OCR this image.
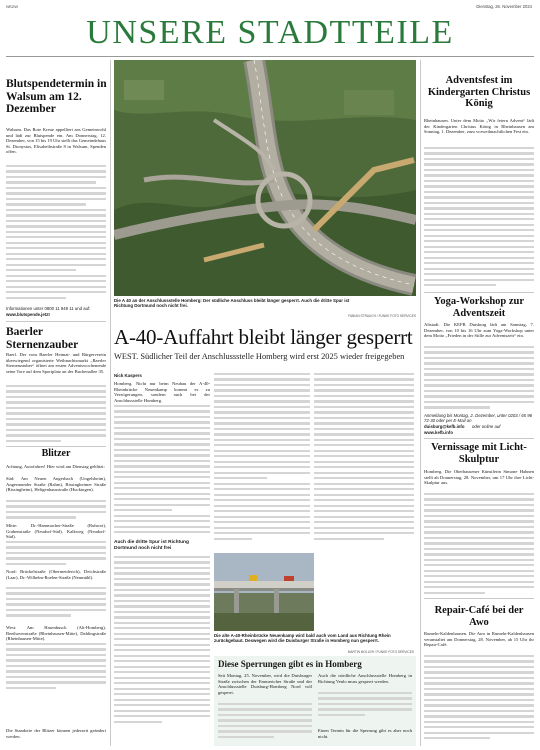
NRZW	Dienstag, 26. November 2024
UNSERE STADTTEILE
Blutspendetermin in Walsum am 12. Dezember
Walsum. Das Rote Kreuz appelliert ans Gemeinwohl und lädt zur Blutspende ein. Am Donnerstag, 12. Dezember, von 15 bis 19 Uhr stellt das Gemeindehaus St. Dionysius, Elisabethstraße 8 in Walsum, Spenden offen.
Informationen unter 0800 11 949 11 und auf:
www.blutspende.jetzt
Baerler Sternenzauber
Baerl. Der vom Baerler Heimat- und Bürgerverein überwiegend organisierte Weihnachtsmarkt „Baerler Sternenzauber“ öffnet am ersten Adventswochenende seine Tore auf dem Sportplatz an der Buchenallee 35.
Blitzer
Achtung, Autofahrer! Hier wird am Dienstag geblitzt:
Süd: Am Neuen Angerbach (Ungelsheim), Angermunder Straße (Rahm), Bissingheimer Straße (Bissingheim), Heltgenhausstraße (Huckingen).
Mitte: Dr.-Hammacher-Straße (Ruhrort), Grabenstraße (Neudorf-Süd), Kalkweg (Neudorf-Süd).
Nord: Brückelstraße (Obermeiderich), Deichstraße (Laar), Dr.-Wilhelm-Roelen-Straße (Neumühl).
West: Am Hasenbusch (Alt-Homberg), Beethovenstraße (Rheinhausen-Mitte), Dahlingstraße (Rheinhausen-Mitte).
Die Standorte der Blitzer können jederzeit geändert werden.
Die A 40 an der Anschlussstelle Homberg: Der südliche Anschluss bleibt länger gesperrt. Auch die dritte Spur ist Richtung Dortmund noch nicht frei.
FABIAN STRAUCH / FUNKE FOTO SERVICES
A-40-Auffahrt bleibt länger gesperrt
WEST. Südlicher Teil der Anschlussstelle Homberg wird erst 2025 wieder freigegeben
Nick Kaspers
Homberg. Nicht nur beim Neubau der A-40-Rheinbrücke Neuenkamp kommt es zu Verzögerungen, sondern auch bei der Anschlussstelle Homberg.
Auch die dritte Spur ist Richtung Dortmund noch nicht frei
Die alte A-40-Rheinbrücke Neuenkamp wird bald auch vom Land aus Richtung Rhein zurückgebaut. Deswegen wird die Duisburger Straße in Homberg nun gesperrt.
MARTIN MOLLER / FUNKE FOTO SERVICES
Diese Sperrungen gibt es in Homberg
Seit Montag, 25. November, wird die Duisburger Straße zwischen der Emmericher Straße und der Anschlussstelle Duisburg-Homberg Nord voll gesperrt.
Auch die nördliche Anschlussstelle Homberg in Richtung Venlo muss gesperrt werden.
Einen Termin für die Sperrung gibt es aber noch nicht.
Adventsfest im Kindergarten Christus König
Rheinhausen. Unter dem Motto „Wir feiern Advent“ lädt der Kindergarten Christus König in Rheinhausen am Sonntag, 1. Dezember, zum vorweihnachtlichen Fest ein.
Yoga-Workshop zur Adventszeit
Altstadt. Die KEFB Duisburg lädt am Samstag, 7. Dezember, von 10 bis 16 Uhr zum Yoga-Workshop unter dem Motto „Frieden in der Stille zur Adventszeit“ ein.
Anmeldung bis Montag, 2. Dezember, unter 0203 / 65 96 72-30 oder per E-Mail an
duisburg@kefb.info oder online auf
www.kefb.info
Vernissage mit Licht-Skulptur
Homberg. Die Oberhausener Künstlerin Simone Hahnen stellt ab Donnerstag, 28. November, um 17 Uhr ihre Licht-Skulptur aus.
Repair-Café bei der Awo
Rumeln-Kaldenhausen. Die Awo in Rumeln-Kaldenhausen veranstaltet am Donnerstag, 28. November, ab 15 Uhr ihr Repair-Café.
